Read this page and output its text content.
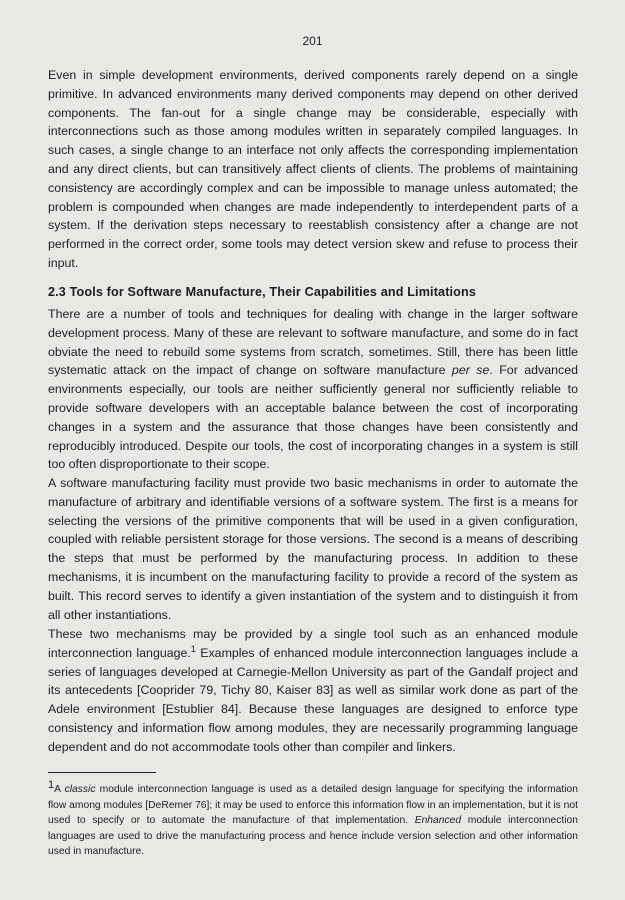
201

Even in simple development environments, derived components rarely depend on a single primitive. In advanced environments many derived components may depend on other derived components. The fan-out for a single change may be considerable, especially with interconnections such as those among modules written in separately compiled languages. In such cases, a single change to an interface not only affects the corresponding implementation and any direct clients, but can transitively affect clients of clients. The problems of maintaining consistency are accordingly complex and can be impossible to manage unless automated; the problem is compounded when changes are made independently to interdependent parts of a system. If the derivation steps necessary to reestablish consistency after a change are not performed in the correct order, some tools may detect version skew and refuse to process their input.

2.3 Tools for Software Manufacture, Their Capabilities and Limitations

There are a number of tools and techniques for dealing with change in the larger software development process. Many of these are relevant to software manufacture, and some do in fact obviate the need to rebuild some systems from scratch, sometimes. Still, there has been little systematic attack on the impact of change on software manufacture per se. For advanced environments especially, our tools are neither sufficiently general nor sufficiently reliable to provide software developers with an acceptable balance between the cost of incorporating changes in a system and the assurance that those changes have been consistently and reproducibly introduced. Despite our tools, the cost of incorporating changes in a system is still too often disproportionate to their scope.

A software manufacturing facility must provide two basic mechanisms in order to automate the manufacture of arbitrary and identifiable versions of a software system. The first is a means for selecting the versions of the primitive components that will be used in a given configuration, coupled with reliable persistent storage for those versions. The second is a means of describing the steps that must be performed by the manufacturing process. In addition to these mechanisms, it is incumbent on the manufacturing facility to provide a record of the system as built. This record serves to identify a given instantiation of the system and to distinguish it from all other instantiations.

These two mechanisms may be provided by a single tool such as an enhanced module interconnection language.$^1$ Examples of enhanced module interconnection languages include a series of languages developed at Carnegie-Mellon University as part of the Gandalf project and its antecedents [Cooprider 79, Tichy 80, Kaiser 83] as well as similar work done as part of the Adele environment [Estublier 84]. Because these languages are designed to enforce type consistency and information flow among modules, they are necessarily programming language dependent and do not accommodate tools other than compiler and linkers.

$^1$A classic module interconnection language is used as a detailed design language for specifying the information flow among modules [DeRemer 76]; it may be used to enforce this information flow in an implementation, but it is not used to specify or to automate the manufacture of that implementation. Enhanced module interconnection languages are used to drive the manufacturing process and hence include version selection and other information used in manufacture.
